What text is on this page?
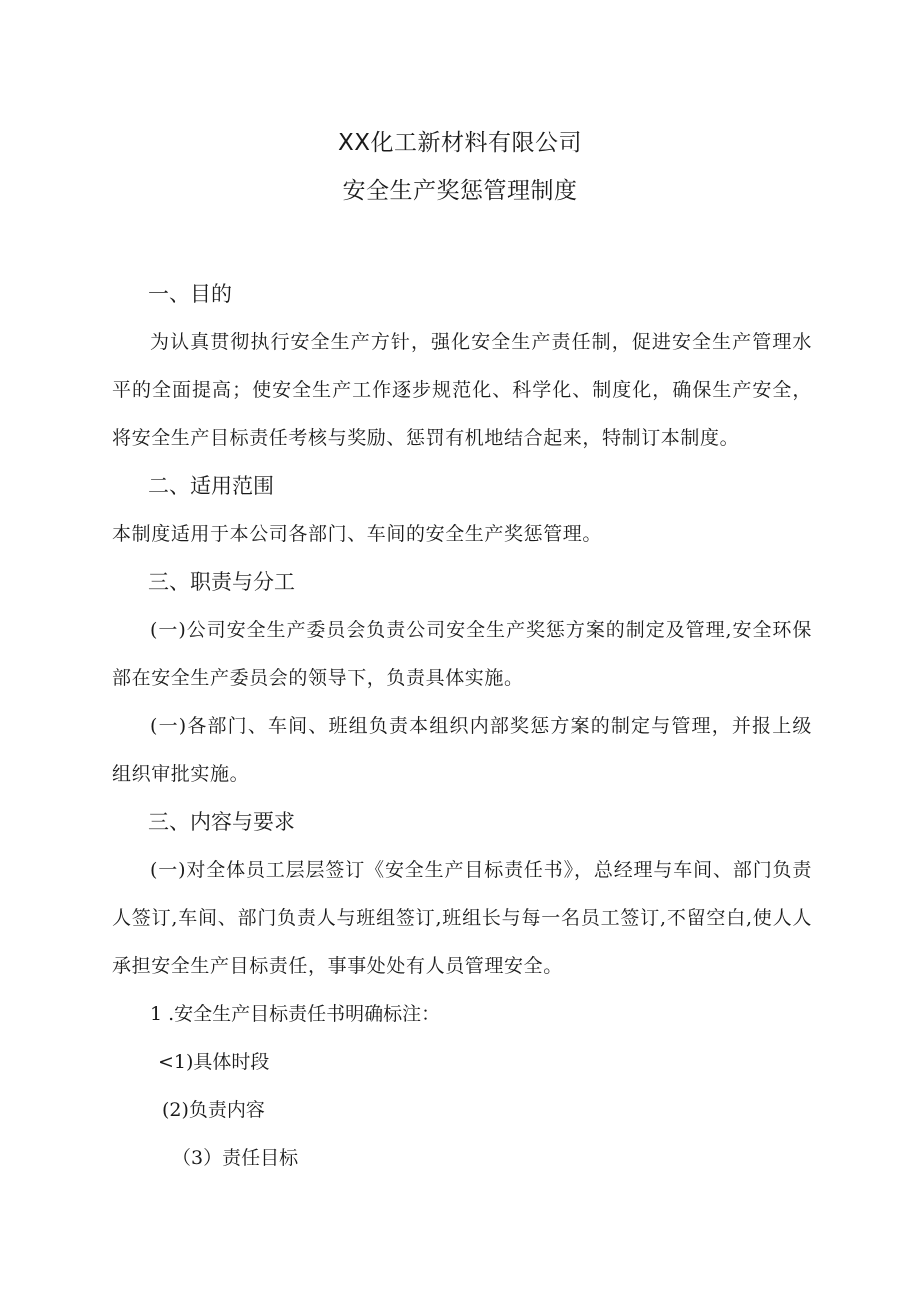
XX化工新材料有限公司
安全生产奖惩管理制度
一、目的

为认真贯彻执行安全生产方针，强化安全生产责任制，促进安全生产管理水平的全面提高；使安全生产工作逐步规范化、科学化、制度化，确保生产安全，将安全生产目标责任考核与奖励、惩罚有机地结合起来，特制订本制度。

二、适用范围

本制度适用于本公司各部门、车间的安全生产奖惩管理。

三、职责与分工

(一)公司安全生产委员会负责公司安全生产奖惩方案的制定及管理,安全环保部在安全生产委员会的领导下，负责具体实施。

(一)各部门、车间、班组负责本组织内部奖惩方案的制定与管理，并报上级组织审批实施。

三、内容与要求

(一)对全体员工层层签订《安全生产目标责任书》，总经理与车间、部门负责人签订,车间、部门负责人与班组签订,班组长与每一名员工签订,不留空白,使人人承担安全生产目标责任，事事处处有人员管理安全。

1 .安全生产目标责任书明确标注：

<1)具体时段

(2)负责内容

（3）责任目标
